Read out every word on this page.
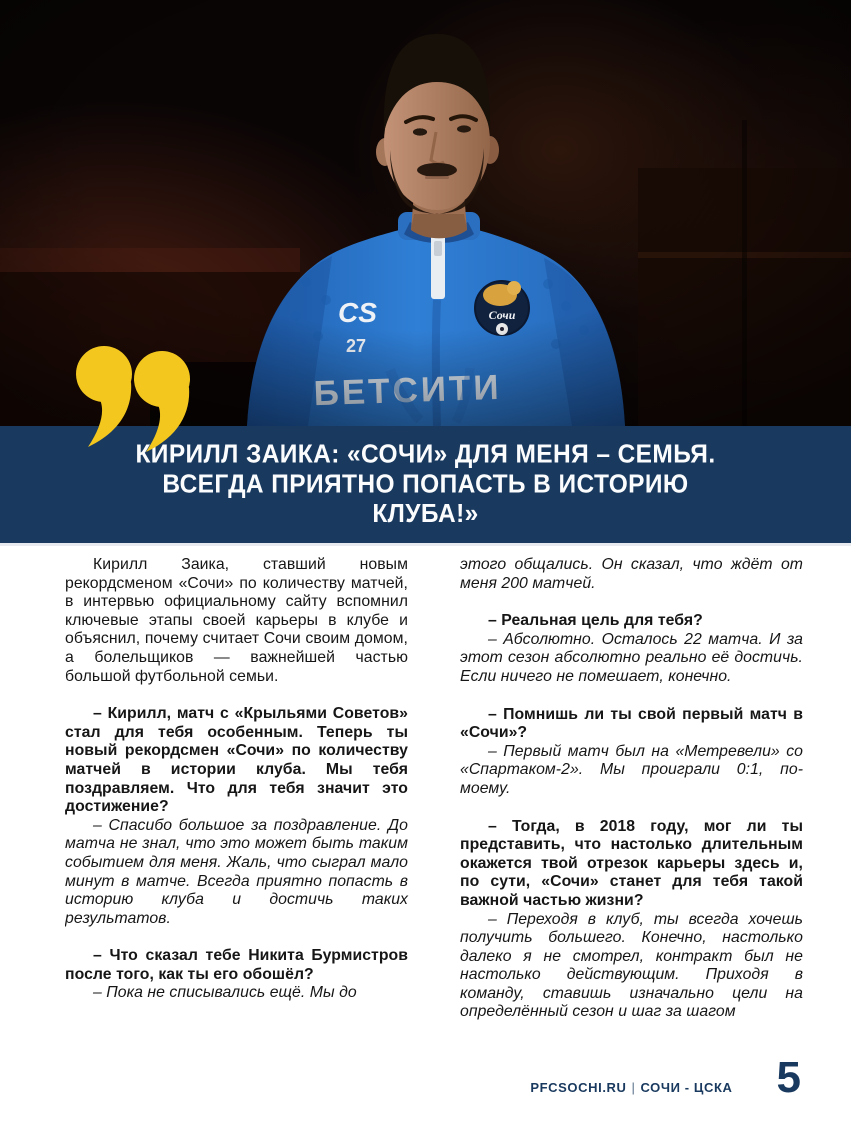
КИРИЛЛ ЗАИКА: «СОЧИ» ДЛЯ МЕНЯ – СЕМЬЯ.
ВСЕГДА ПРИЯТНО ПОПАСТЬ В ИСТОРИЮ
КЛУБА!»

Кирилл Заика, ставший новым рекордсменом «Сочи» по количеству матчей, в интервью официальному сайту вспомнил ключевые этапы своей карьеры в клубе и объяснил, почему считает Сочи своим домом, а болельщиков — важнейшей частью большой футбольной семьи.

– Кирилл, матч с «Крыльями Советов» стал для тебя особенным. Теперь ты новый рекордсмен «Сочи» по количеству матчей в истории клуба. Мы тебя поздравляем. Что для тебя значит это достижение?

– Спасибо большое за поздравление. До матча не знал, что это может быть таким событием для меня. Жаль, что сыграл мало минут в матче. Всегда приятно попасть в историю клуба и достичь таких результатов.

– Что сказал тебе Никита Бурмистров после того, как ты его обошёл?

– Пока не списывались ещё. Мы до

этого общались. Он сказал, что ждёт от меня 200 матчей.

– Реальная цель для тебя?

– Абсолютно. Осталось 22 матча. И за этот сезон абсолютно реально её достичь. Если ничего не помешает, конечно.

– Помнишь ли ты свой первый матч в «Сочи»?

– Первый матч был на «Метревели» со «Спартаком-2». Мы проиграли 0:1, по-моему.

– Тогда, в 2018 году, мог ли ты представить, что настолько длительным окажется твой отрезок карьеры здесь и, по сути, «Сочи» станет для тебя такой важной частью жизни?

– Переходя в клуб, ты всегда хочешь получить большего. Конечно, настолько далеко я не смотрел, контракт был не настолько действующим. Приходя в команду, ставишь изначально цели на определённый сезон и шаг за шагом

PFCSOCHI.RU | СОЧИ - ЦСКА 5
